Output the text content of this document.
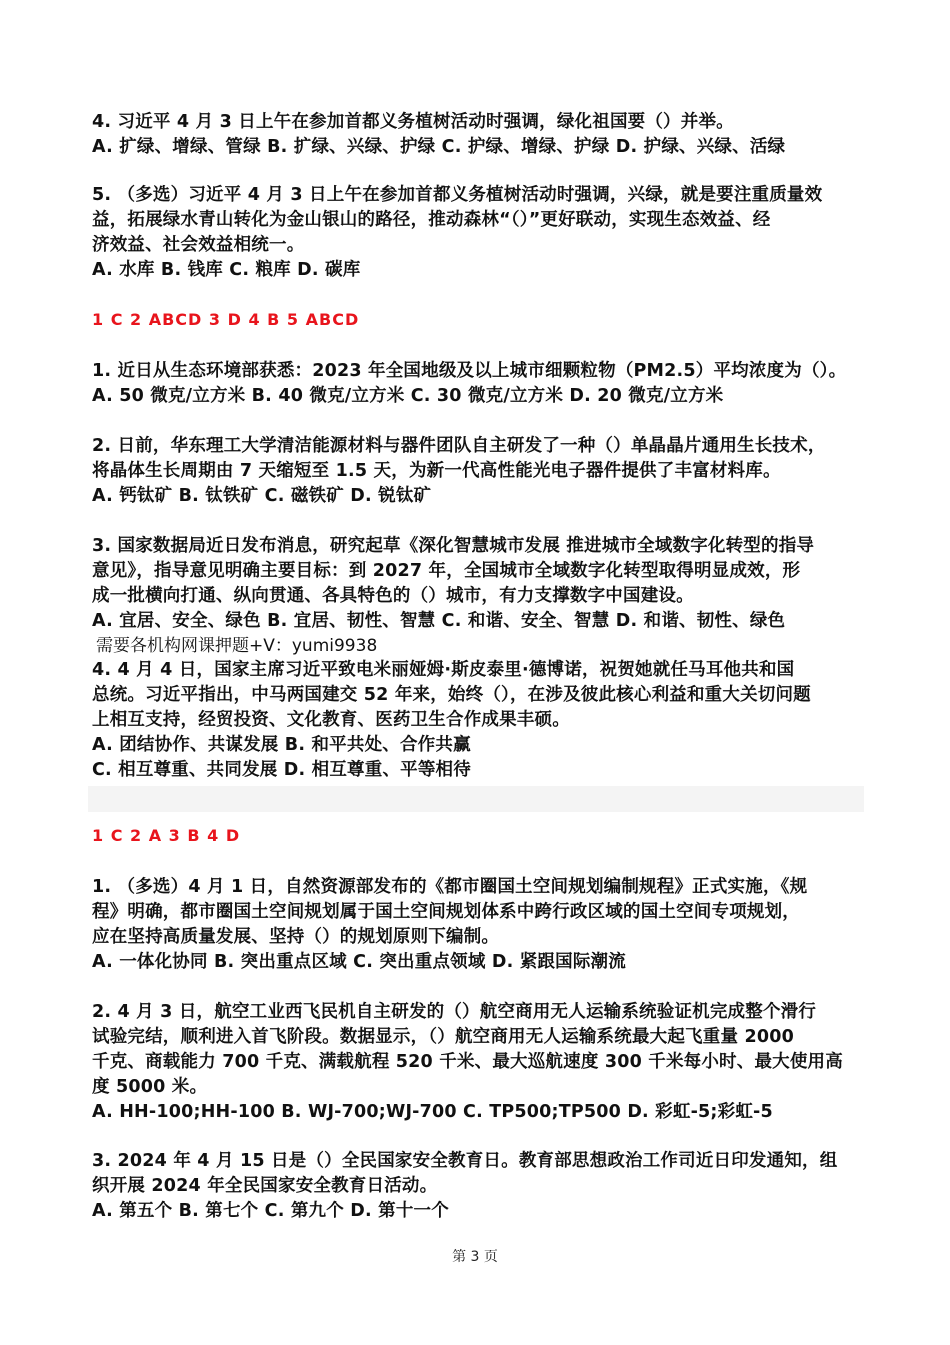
4. 习近平 4 月 3 日上午在参加首都义务植树活动时强调，绿化祖国要（）并举。
A. 扩绿、增绿、管绿 B. 扩绿、兴绿、护绿 C. 护绿、增绿、护绿 D. 护绿、兴绿、活绿
5. （多选）习近平 4 月 3 日上午在参加首都义务植树活动时强调，兴绿，就是要注重质量效
益，拓展绿水青山转化为金山银山的路径，推动森林“（）”更好联动，实现生态效益、经
济效益、社会效益相统一。
A. 水库 B. 钱库 C. 粮库 D. 碳库
1 C 2 ABCD 3 D 4 B 5 ABCD
1. 近日从生态环境部获悉：2023 年全国地级及以上城市细颗粒物（PM2.5）平均浓度为（）。
A. 50 微克/立方米 B. 40 微克/立方米 C. 30 微克/立方米 D. 20 微克/立方米
2. 日前，华东理工大学清洁能源材料与器件团队自主研发了一种（）单晶晶片通用生长技术，
将晶体生长周期由 7 天缩短至 1.5 天，为新一代高性能光电子器件提供了丰富材料库。
A. 钙钛矿 B. 钛铁矿 C. 磁铁矿 D. 锐钛矿
3. 国家数据局近日发布消息，研究起草《深化智慧城市发展 推进城市全域数字化转型的指导
意见》，指导意见明确主要目标：到 2027 年，全国城市全域数字化转型取得明显成效，形
成一批横向打通、纵向贯通、各具特色的（）城市，有力支撑数字中国建设。
A. 宜居、安全、绿色 B. 宜居、韧性、智慧 C. 和谐、安全、智慧 D. 和谐、韧性、绿色
需要各机构网课押题+V：yumi9938
4. 4 月 4 日，国家主席习近平致电米丽娅姆·斯皮泰里·德博诺，祝贺她就任马耳他共和国
总统。习近平指出，中马两国建交 52 年来，始终（），在涉及彼此核心利益和重大关切问题
上相互支持，经贸投资、文化教育、医药卫生合作成果丰硕。
A. 团结协作、共谋发展 B. 和平共处、合作共赢
C. 相互尊重、共同发展 D. 相互尊重、平等相待
1 C 2 A 3 B 4 D
1. （多选）4 月 1 日，自然资源部发布的《都市圈国土空间规划编制规程》正式实施，《规
程》明确，都市圈国土空间规划属于国土空间规划体系中跨行政区域的国土空间专项规划，
应在坚持高质量发展、坚持（）的规划原则下编制。
A. 一体化协同 B. 突出重点区域 C. 突出重点领域 D. 紧跟国际潮流
2. 4 月 3 日，航空工业西飞民机自主研发的（）航空商用无人运输系统验证机完成整个滑行
试验完结，顺利进入首飞阶段。数据显示，（）航空商用无人运输系统最大起飞重量 2000
千克、商载能力 700 千克、满载航程 520 千米、最大巡航速度 300 千米每小时、最大使用高
度 5000 米。
A. HH-100;HH-100 B. WJ-700;WJ-700 C. TP500;TP500 D. 彩虹-5;彩虹-5
3. 2024 年 4 月 15 日是（）全民国家安全教育日。教育部思想政治工作司近日印发通知，组
织开展 2024 年全民国家安全教育日活动。
A. 第五个 B. 第七个 C. 第九个 D. 第十一个
第 3 页
